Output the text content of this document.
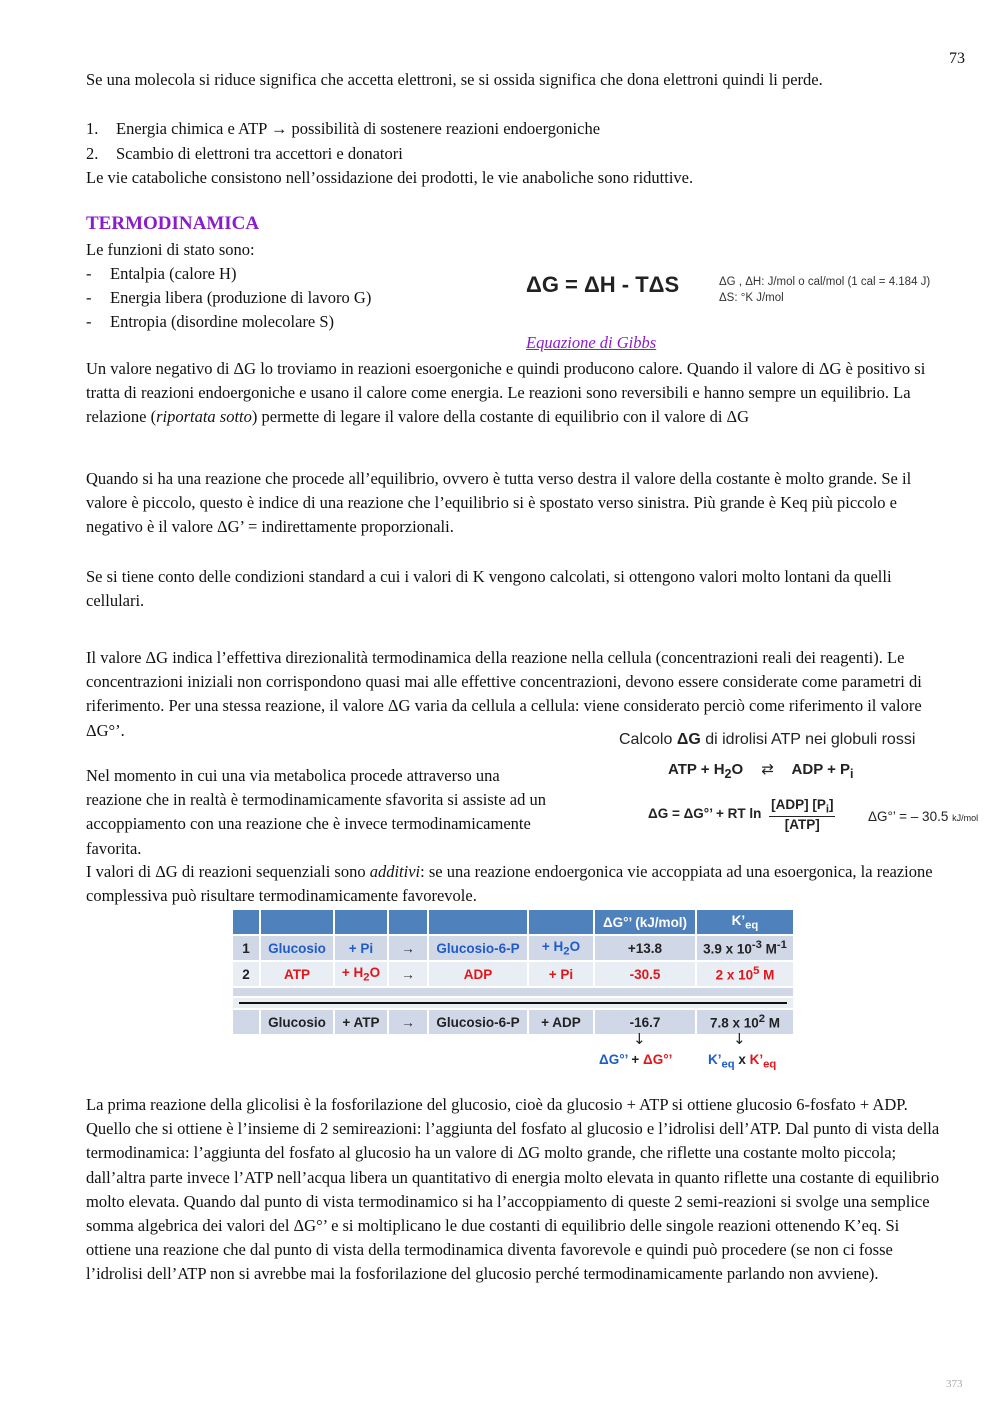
73

Se una molecola si riduce significa che accetta elettroni, se si ossida significa che dona elettroni quindi li perde.

1. Energia chimica e ATP → possibilità di sostenere reazioni endoergoniche
2. Scambio di elettroni tra accettori e donatori

Le vie cataboliche consistono nell’ossidazione dei prodotti, le vie anaboliche sono riduttive.

TERMODINAMICA

Le funzioni di stato sono:

- Entalpia (calore H)
- Energia libera (produzione di lavoro G)
- Entropia (disordine molecolare S)
ΔG = ΔH - TΔS	ΔG , ΔH: J/mol o cal/mol (1 cal = 4.184 J)
ΔS: °K J/mol
Equazione di Gibbs

Un valore negativo di ΔG lo troviamo in reazioni esoergoniche e quindi producono calore. Quando il valore di ΔG è positivo si tratta di reazioni endoergoniche e usano il calore come energia. Le reazioni sono reversibili e hanno sempre un equilibrio. La relazione (riportata sotto) permette di legare il valore della costante di equilibrio con il valore di ΔG

Quando si ha una reazione che procede all’equilibrio, ovvero è tutta verso destra il valore della costante è molto grande. Se il valore è piccolo, questo è indice di una reazione che l’equilibrio si è spostato verso sinistra. Più grande è Keq più piccolo e negativo è il valore ΔG’ = indirettamente proporzionali.

Se si tiene conto delle condizioni standard a cui i valori di K vengono calcolati, si ottengono valori molto lontani da quelli cellulari.

Il valore ΔG indica l’effettiva direzionalità termodinamica della reazione nella cellula (concentrazioni reali dei reagenti). Le concentrazioni iniziali non corrispondono quasi mai alle effettive concentrazioni, devono essere considerate come parametri di riferimento. Per una stessa reazione, il valore ΔG varia da cellula a cellula: viene considerato perciò come riferimento il valore ΔG°’.

Nel momento in cui una via metabolica procede attraverso una reazione che in realtà è termodinamicamente sfavorita si assiste ad un accoppiamento con una reazione che è invece termodinamicamente favorita.

I valori di ΔG di reazioni sequenziali sono additivi: se una reazione endoergonica vie accoppiata ad una esoergonica, la reazione complessiva può risultare termodinamicamente favorevole.

Calcolo ΔG di idrolisi ATP nei globuli rossi
ATP + $H_2O$ ⇄ ADP + $P_i$
ΔG = ΔG°’ + RT $\ln \frac{[ADP] [P_i]}{\text{[ATP]}} \Delta G^\circ$’ = – 30.5 kJ/mol
						ΔG°’ (kJ/mol)	$K’_{eq}$
1	Glucosio	+ Pi	→	Glucosio-6-P	+ $H_2O$	+13.8	3.9 x $10^{-3}$ $M^{-1}$
2	ATP	+ $H_2O$	→	ADP	+ Pi	-30.5	2 x $10^5$ M

	Glucosio	+ ATP	→	Glucosio-6-P	+ ADP	-16.7	7.8 x $10^2$ M
↓	↓
ΔG°’ + ΔG°’	$K’_{eq}$ x $K’_{eq}$

La prima reazione della glicolisi è la fosforilazione del glucosio, cioè da glucosio + ATP si ottiene glucosio 6-fosfato + ADP. Quello che si ottiene è l’insieme di 2 semireazioni: l’aggiunta del fosfato al glucosio e l’idrolisi dell’ATP. Dal punto di vista della termodinamica: l’aggiunta del fosfato al glucosio ha un valore di ΔG molto grande, che riflette una costante molto piccola; dall’altra parte invece l’ATP nell’acqua libera un quantitativo di energia molto elevata in quanto riflette una costante di equilibrio molto elevata. Quando dal punto di vista termodinamico si ha l’accoppiamento di queste 2 semi-reazioni si svolge una semplice somma algebrica dei valori del ΔG°’ e si moltiplicano le due costanti di equilibrio delle singole reazioni ottenendo K’eq. Si ottiene una reazione che dal punto di vista della termodinamica diventa favorevole e quindi può procedere (se non ci fosse l’idrolisi dell’ATP non si avrebbe mai la fosforilazione del glucosio perché termodinamicamente parlando non avviene).

373
